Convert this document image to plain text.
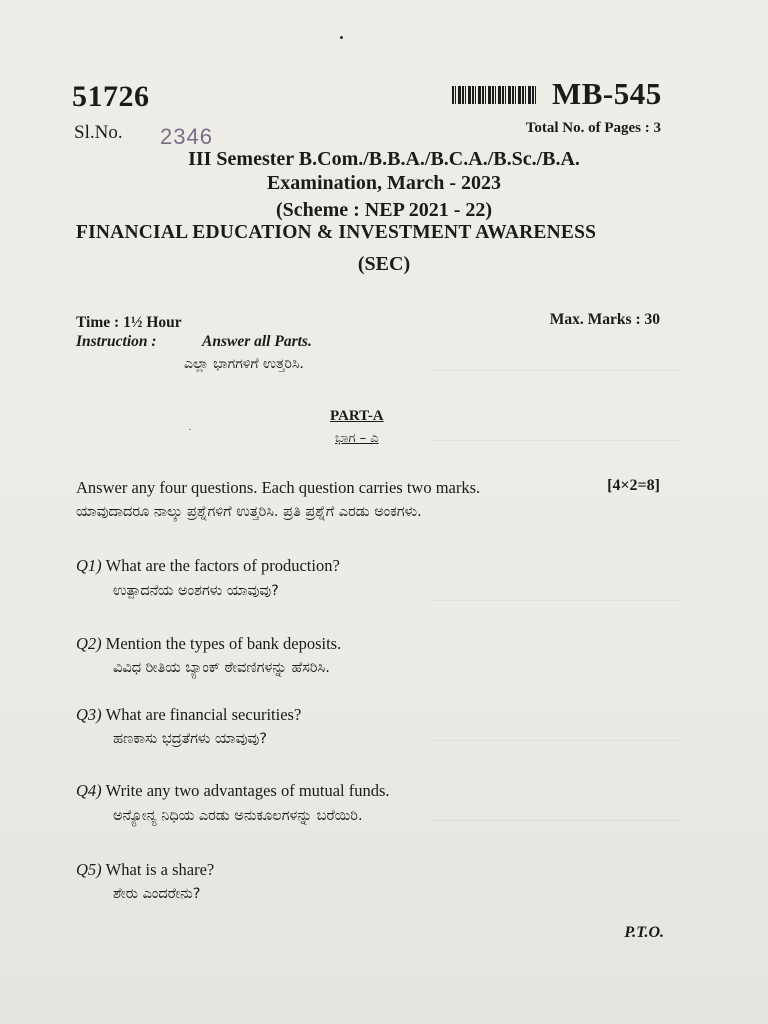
51726	MB-545
Sl.No. 2346	Total No. of Pages : 3
III Semester B.Com./B.B.A./B.C.A./B.Sc./B.A.
Examination, March - 2023
(Scheme : NEP 2021 - 22)
FINANCIAL EDUCATION & INVESTMENT AWARENESS
(SEC)
Time : 1½ Hour	Max. Marks : 30
Instruction :	Answer all Parts.
ಎಲ್ಲಾ ಭಾಗಗಳಿಗೆ ಉತ್ತರಿಸಿ.
PART-A
ಭಾಗ – ಎ
·
Answer any four questions. Each question carries two marks.	[4×2=8]
ಯಾವುದಾದರೂ ನಾಲ್ಕು ಪ್ರಶ್ನೆಗಳಿಗೆ ಉತ್ತರಿಸಿ. ಪ್ರತಿ ಪ್ರಶ್ನೆಗೆ ಎರಡು ಅಂಕಗಳು.
Q1) What are the factors of production?
ಉತ್ಪಾದನೆಯ ಅಂಶಗಳು ಯಾವುವು?
Q2) Mention the types of bank deposits.
ವಿವಿಧ ರೀತಿಯ ಬ್ಯಾಂಕ್ ಠೇವಣಿಗಳನ್ನು ಹೆಸರಿಸಿ.
Q3) What are financial securities?
ಹಣಕಾಸು ಭದ್ರತೆಗಳು ಯಾವುವು?
Q4) Write any two advantages of mutual funds.
ಅನ್ಯೋನ್ಯ ನಿಧಿಯ ಎರಡು ಅನುಕೂಲಗಳನ್ನು ಬರೆಯಿರಿ.
Q5) What is a share?
ಶೇರು ಎಂದರೇನು?
P.T.O.
